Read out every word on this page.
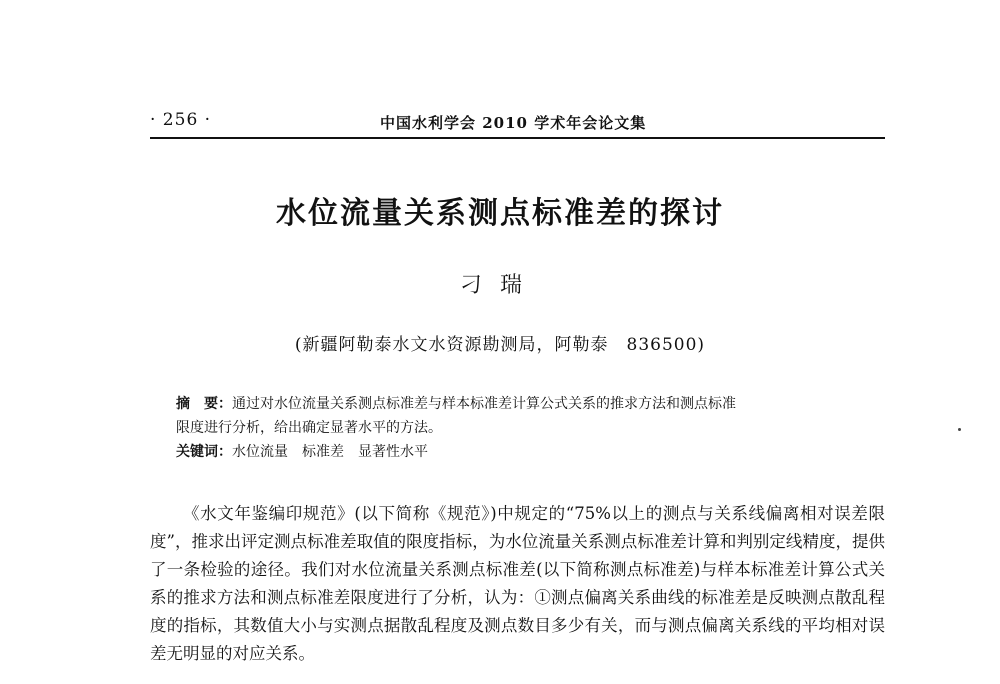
· 256 ·	中国水利学会 2010 学术年会论文集
水位流量关系测点标准差的探讨
刁瑞
(新疆阿勒泰水文水资源勘测局，阿勒泰　836500)
摘　要：通过对水位流量关系测点标准差与样本标准差计算公式关系的推求方法和测点标准
限度进行分析，给出确定显著水平的方法。
关键词：水位流量　标准差　显著性水平

《水文年鉴编印规范》(以下简称《规范》)中规定的“75%以上的测点与关系线偏离相对误差限度”，推求出评定测点标准差取值的限度指标，为水位流量关系测点标准差计算和判别定线精度，提供了一条检验的途径。我们对水位流量关系测点标准差(以下简称测点标准差)与样本标准差计算公式关系的推求方法和测点标准差限度进行了分析，认为：①测点偏离关系曲线的标准差是反映测点散乱程度的指标，其数值大小与实测点据散乱程度及测点数目多少有关，而与测点偏离关系线的平均相对误差无明显的对应关系。
